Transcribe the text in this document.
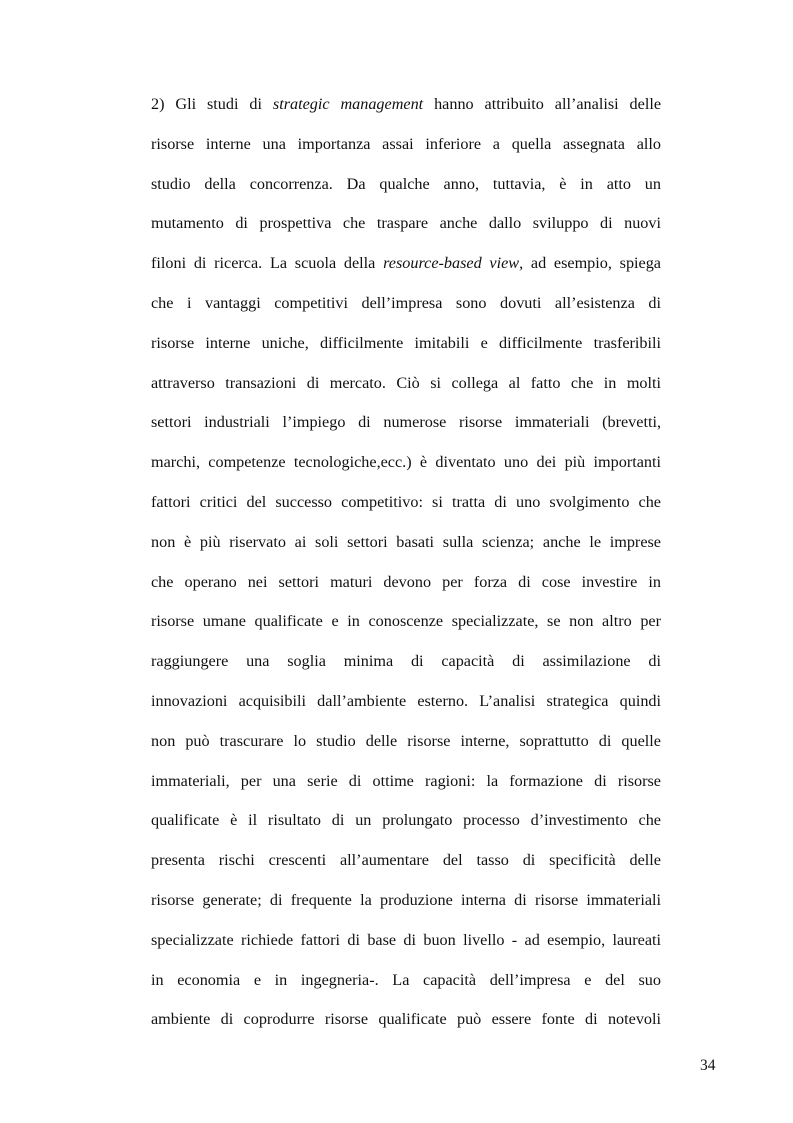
2) Gli studi di strategic management hanno attribuito all’analisi delle
risorse interne una importanza assai inferiore a quella assegnata allo
studio della concorrenza. Da qualche anno, tuttavia, è in atto un
mutamento di prospettiva che traspare anche dallo sviluppo di nuovi
filoni di ricerca. La scuola della resource-based view, ad esempio, spiega
che i vantaggi competitivi dell’impresa sono dovuti all’esistenza di
risorse interne uniche, difficilmente imitabili e difficilmente trasferibili
attraverso transazioni di mercato. Ciò si collega al fatto che in molti
settori industriali l’impiego di numerose risorse immateriali (brevetti,
marchi, competenze tecnologiche,ecc.) è diventato uno dei più importanti
fattori critici del successo competitivo: si tratta di uno svolgimento che
non è più riservato ai soli settori basati sulla scienza; anche le imprese
che operano nei settori maturi devono per forza di cose investire in
risorse umane qualificate e in conoscenze specializzate, se non altro per
raggiungere una soglia minima di capacità di assimilazione di
innovazioni acquisibili dall’ambiente esterno. L’analisi strategica quindi
non può trascurare lo studio delle risorse interne, soprattutto di quelle
immateriali, per una serie di ottime ragioni: la formazione di risorse
qualificate è il risultato di un prolungato processo d’investimento che
presenta rischi crescenti all’aumentare del tasso di specificità delle
risorse generate; di frequente la produzione interna di risorse immateriali
specializzate richiede fattori di base di buon livello - ad esempio, laureati
in economia e in ingegneria-. La capacità dell’impresa e del suo
ambiente di coprodurre risorse qualificate può essere fonte di notevoli
34
